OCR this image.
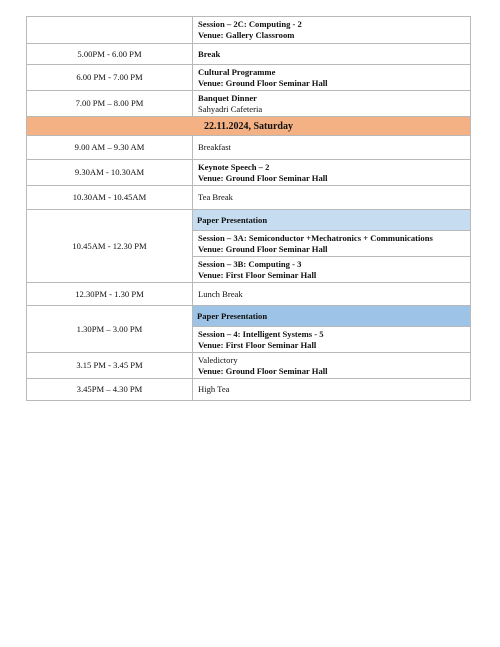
	Session – 2C: Computing - 2
Venue: Gallery Classroom

5.00PM - 6.00 PM	Break

6.00 PM - 7.00 PM	Cultural Programme
Venue: Ground Floor Seminar Hall

7.00 PM – 8.00 PM	Banquet Dinner
Sahyadri Cafeteria

22.11.2024, Saturday	
9.00 AM – 9.30 AM	Breakfast

9.30AM - 10.30AM	Keynote Speech – 2
Venue: Ground Floor Seminar Hall

10.30AM - 10.45AM	Tea Break

10.45AM - 12.30 PM	Paper Presentation

	Session – 3A: Semiconductor +Mechatronics + Communications
Venue: Ground Floor Seminar Hall

	Session – 3B: Computing - 3
Venue: First Floor Seminar Hall

12.30PM - 1.30 PM	Lunch Break

1.30PM – 3.00 PM	Paper Presentation

	Session – 4: Intelligent Systems - 5
Venue: First Floor Seminar Hall

3.15 PM - 3.45 PM	Valedictory
Venue: Ground Floor Seminar Hall

3.45PM – 4.30 PM	High Tea
